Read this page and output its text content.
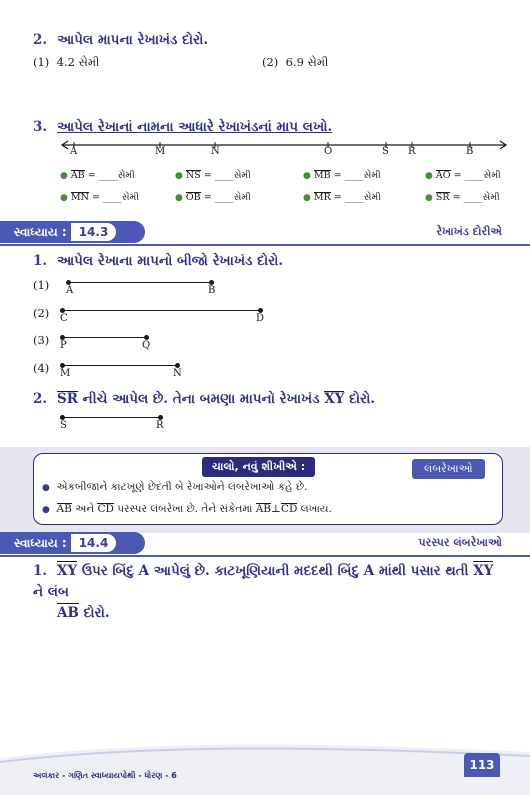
2. આપેલ માપના રેખાખંડ દોરો.
(1) 4.2 સેમી	(2) 6.9 સેમી
3. આપેલ રેખાનાં નામના આધારે રેખાખંડનાં માપ લખો.
A	M	N	O	S R	B
● AB = ____સેમી	● NS = ____સેમી	● MB = ____સેમી	● AO = ____સેમી
● MN = ____સેમી	● OB = ____સેમી	● MR = ____સેમી	● SR = ____સેમી
સ્વાધ્યાય : 14.3	રેખાખંડ દોરીએ
1. આપેલ રેખાના માપનો બીજો રેખાખંડ દોરો.
(1) A	B
(2) C	D
(3) P	Q
(4) M	N
2. SR નીચે આપેલ છે. તેના બમણા માપનો રેખાખંડ XY દોરો.
S	R
ચાલો, નવું શીખીએ :	લંબરેખાઓ
● એકબીજાને કાટખૂણે છેદતી બે રેખાઓને લંબરેખાઓ કહે છે.
● AB અને CD પરસ્પર લંબરેખા છે. તેને સંકેતમાં AB⊥CD લખાય.
સ્વાધ્યાય : 14.4	પરસ્પર લંબરેખાઓ
1. XY ઉપર બિંદુ A આપેલું છે. કાટખૂણિયાની મદદથી બિંદુ A માંથી પસાર થતી XY ને લંબ
AB દોરો.
અલંકાર - ગણિત સ્વાધ્યાયપોથી - ધોરણ - 6
113
